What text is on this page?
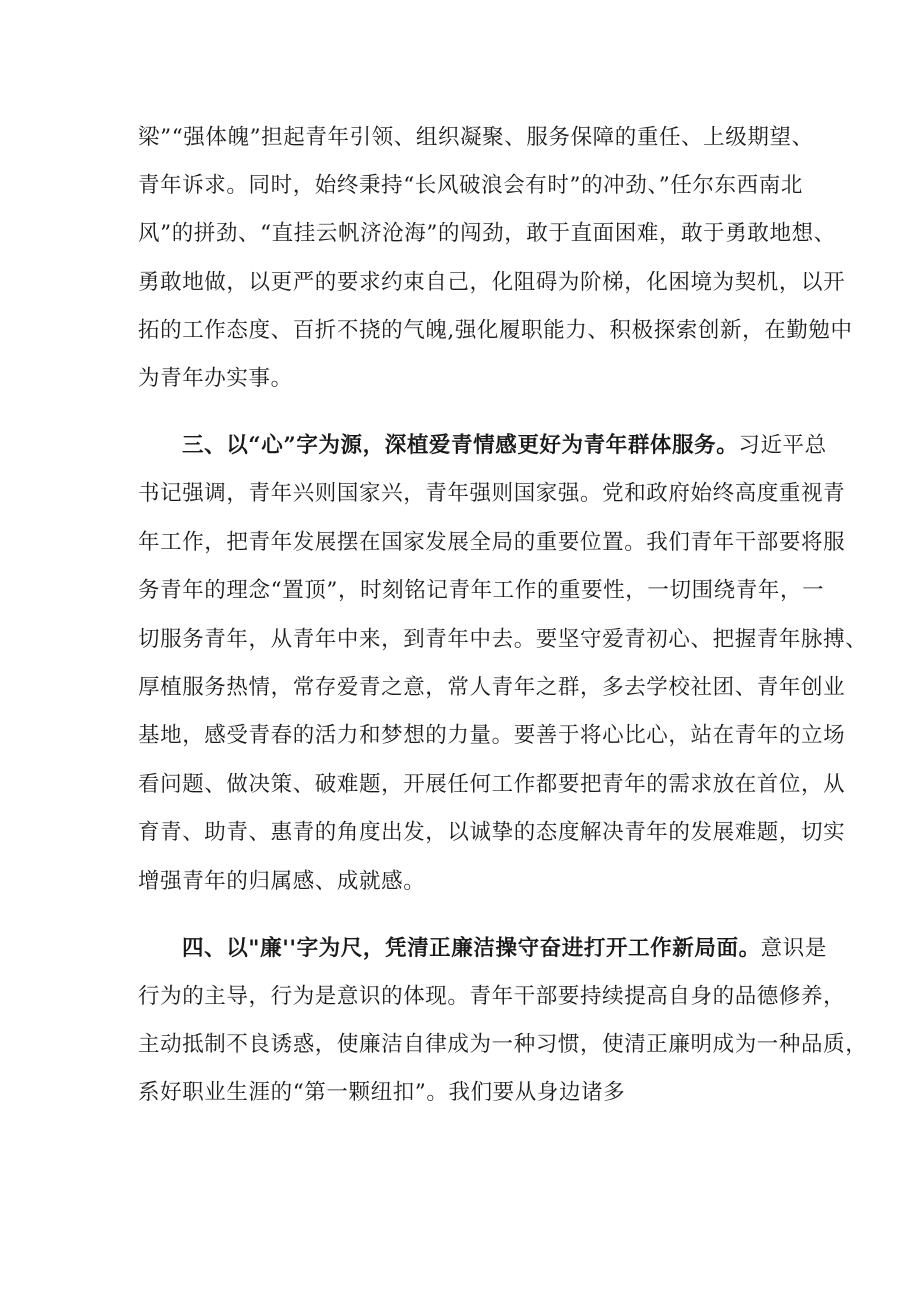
梁”“强体魄”担起青年引领、组织凝聚、服务保障的重任、上级期望、
青年诉求。同时，始终秉持“长风破浪会有时”的冲劲、”任尔东西南北
风”的拼劲、“直挂云帆济沧海”的闯劲，敢于直面困难，敢于勇敢地想、
勇敢地做，以更严的要求约束自己，化阻碍为阶梯，化困境为契机，以开
拓的工作态度、百折不挠的气魄,强化履职能力、积极探索创新，在勤勉中
为青年办实事。
三、以“心”字为源，深植爱青情感更好为青年群体服务。习近平总
书记强调，青年兴则国家兴，青年强则国家强。党和政府始终高度重视青
年工作，把青年发展摆在国家发展全局的重要位置。我们青年干部要将服
务青年的理念“置顶”，时刻铭记青年工作的重要性，一切围绕青年，一
切服务青年，从青年中来，到青年中去。要坚守爱青初心、把握青年脉搏、
厚植服务热情，常存爱青之意，常人青年之群，多去学校社团、青年创业
基地，感受青春的活力和梦想的力量。要善于将心比心，站在青年的立场
看问题、做决策、破难题，开展任何工作都要把青年的需求放在首位，从
育青、助青、惠青的角度出发，以诚挚的态度解决青年的发展难题，切实
增强青年的归属感、成就感。
四、以"廉''字为尺，凭清正廉洁操守奋进打开工作新局面。意识是
行为的主导，行为是意识的体现。青年干部要持续提高自身的品德修养，
主动抵制不良诱惑，使廉洁自律成为一种习惯，使清正廉明成为一种品质，
系好职业生涯的“第一颗纽扣”。我们要从身边诸多
